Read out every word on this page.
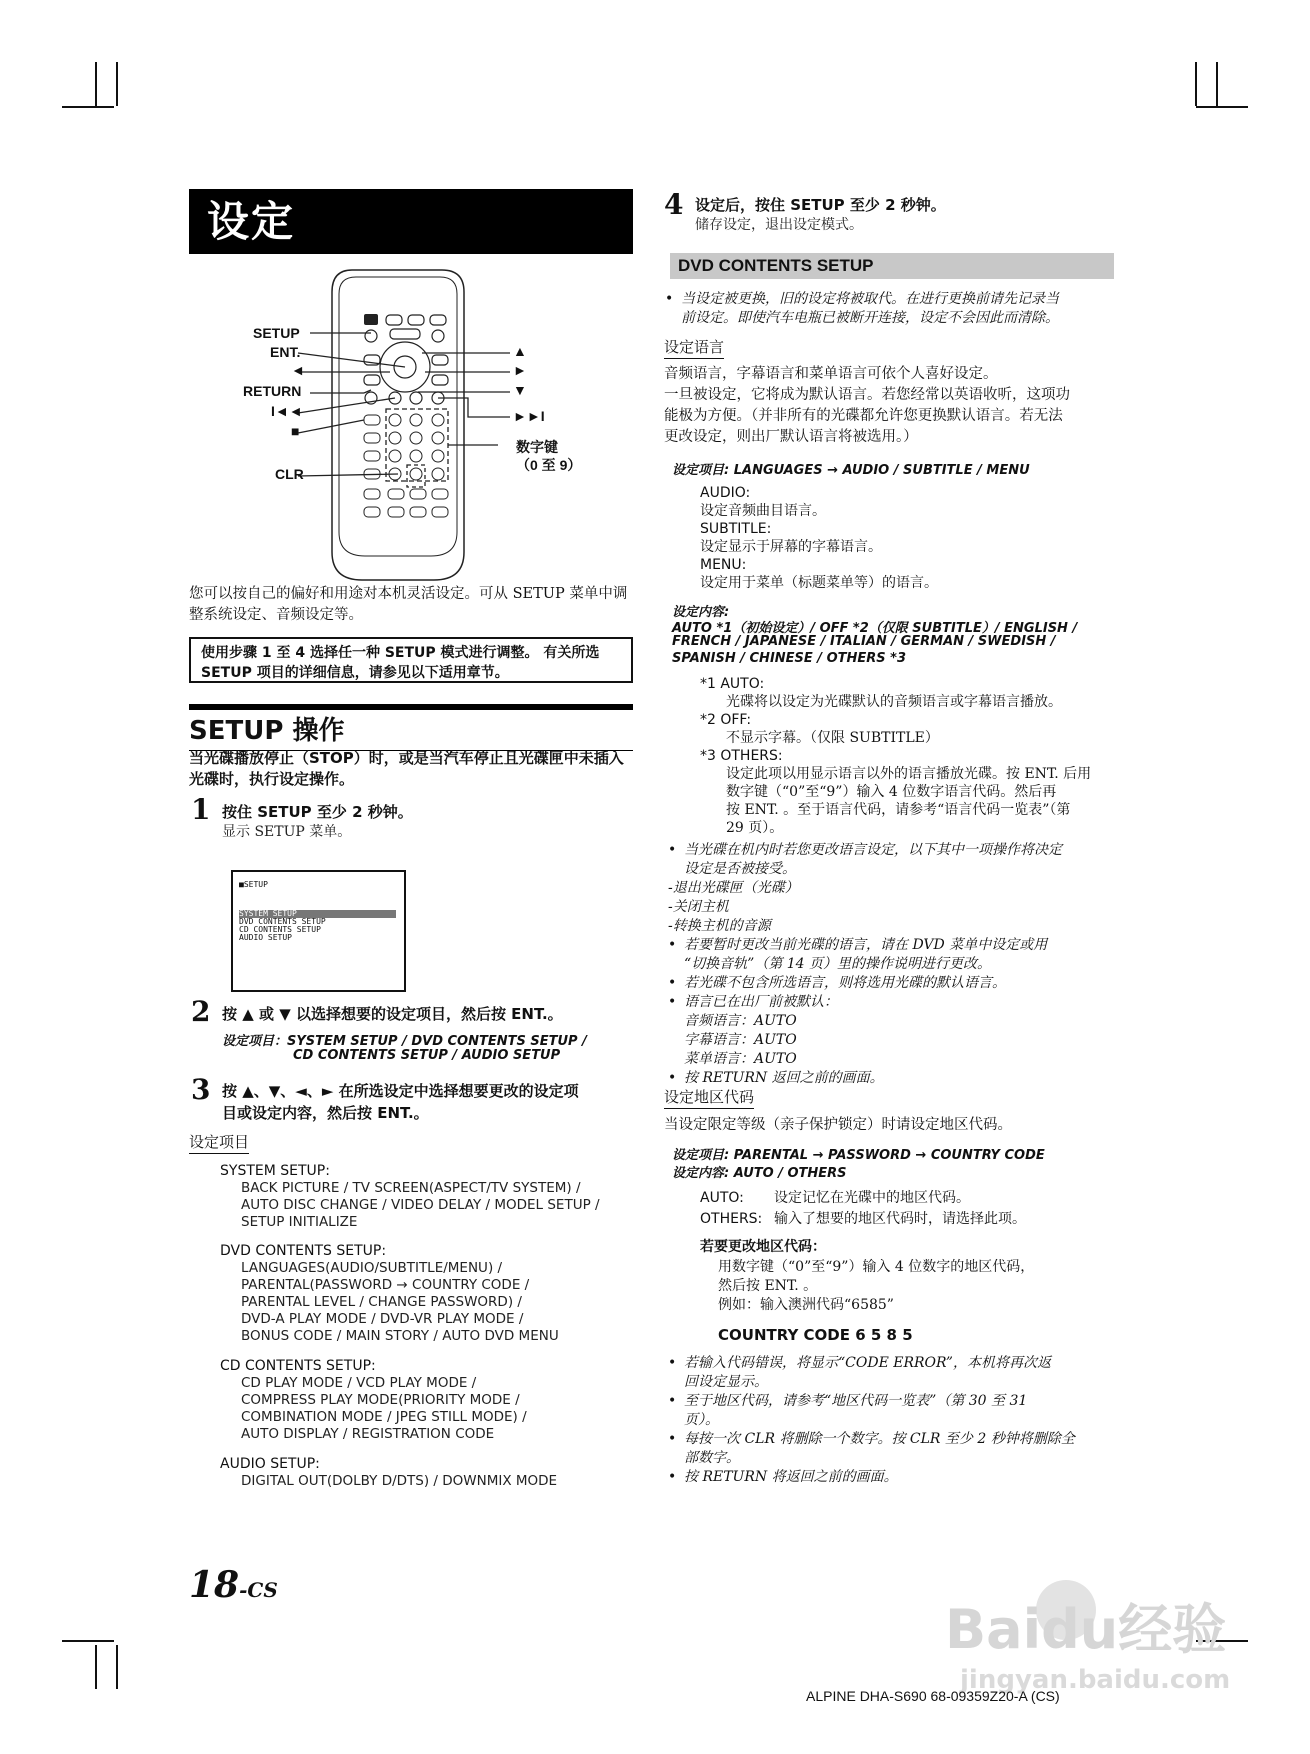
设定
SETUP
ENT.
◄
RETURN
I◄◄
■
CLR
▲
►
▼
►►I
数字键
（0 至 9）
您可以按自己的偏好和用途对本机灵活设定。可从 SETUP 菜单中调整系统设定、音频设定等。
使用步骤 1 至 4 选择任一种 SETUP 模式进行调整。 有关所选 SETUP 项目的详细信息，请参见以下适用章节。
SETUP 操作
当光碟播放停止（STOP）时，或是当汽车停止且光碟匣中未插入光碟时，执行设定操作。
1 按住 SETUP 至少 2 秒钟。
显示 SETUP 菜单。
■SETUP
SYSTEM SETUP
DVD CONTENTS SETUP
CD CONTENTS SETUP
AUDIO SETUP
2 按 ▲ 或 ▼ 以选择想要的设定项目，然后按 ENT.。
设定项目：SYSTEM SETUP / DVD CONTENTS SETUP /
CD CONTENTS SETUP / AUDIO SETUP
3 按 ▲、▼、◄、► 在所选设定中选择想要更改的设定项
目或设定内容，然后按 ENT.。
设定项目
SYSTEM SETUP:
BACK PICTURE / TV SCREEN(ASPECT/TV SYSTEM) /
AUTO DISC CHANGE / VIDEO DELAY / MODEL SETUP /
SETUP INITIALIZE
DVD CONTENTS SETUP:
LANGUAGES(AUDIO/SUBTITLE/MENU) /
PARENTAL(PASSWORD → COUNTRY CODE /
PARENTAL LEVEL / CHANGE PASSWORD) /
DVD-A PLAY MODE / DVD-VR PLAY MODE /
BONUS CODE / MAIN STORY / AUTO DVD MENU
CD CONTENTS SETUP:
CD PLAY MODE / VCD PLAY MODE /
COMPRESS PLAY MODE(PRIORITY MODE /
COMBINATION MODE / JPEG STILL MODE) /
AUTO DISPLAY / REGISTRATION CODE
AUDIO SETUP:
DIGITAL OUT(DOLBY D/DTS) / DOWNMIX MODE
18-CS
4 设定后，按住 SETUP 至少 2 秒钟。
储存设定，退出设定模式。
DVD CONTENTS SETUP
• 当设定被更换，旧的设定将被取代。在进行更换前请先记录当
前设定。即使汽车电瓶已被断开连接，设定不会因此而清除。
设定语言
音频语言，字幕语言和菜单语言可依个人喜好设定。
一旦被设定，它将成为默认语言。若您经常以英语收听，这项功
能极为方便。（并非所有的光碟都允许您更换默认语言。若无法
更改设定，则出厂默认语言将被选用。）
设定项目: LANGUAGES → AUDIO / SUBTITLE / MENU
AUDIO:
设定音频曲目语言。
SUBTITLE:
设定显示于屏幕的字幕语言。
MENU:
设定用于菜单（标题菜单等）的语言。
设定内容:
AUTO *1（初始设定）/ OFF *2（仅限 SUBTITLE）/ ENGLISH /
FRENCH / JAPANESE / ITALIAN / GERMAN / SWEDISH /
SPANISH / CHINESE / OTHERS *3
*1 AUTO:
光碟将以设定为光碟默认的音频语言或字幕语言播放。
*2 OFF:
不显示字幕。（仅限 SUBTITLE）
*3 OTHERS:
设定此项以用显示语言以外的语言播放光碟。按 ENT. 后用
数字键（“0”至“9”）输入 4 位数字语言代码。然后再
按 ENT. 。至于语言代码，请参考“语言代码一览表”（第
29 页）。
• 当光碟在机内时若您更改语言设定，以下其中一项操作将决定
设定是否被接受。
-退出光碟匣（光碟）
-关闭主机
-转换主机的音源
• 若要暂时更改当前光碟的语言，请在 DVD 菜单中设定或用
“切换音轨”（第 14 页）里的操作说明进行更改。
• 若光碟不包含所选语言，则将选用光碟的默认语言。
• 语言已在出厂前被默认：
音频语言：AUTO
字幕语言：AUTO
菜单语言：AUTO
• 按 RETURN 返回之前的画面。
设定地区代码
当设定限定等级（亲子保护锁定）时请设定地区代码。
设定项目: PARENTAL → PASSWORD → COUNTRY CODE
设定内容: AUTO / OTHERS
AUTO: 设定记忆在光碟中的地区代码。
OTHERS: 输入了想要的地区代码时，请选择此项。
若要更改地区代码：
用数字键（“0”至“9”）输入 4 位数字的地区代码，
然后按 ENT. 。
例如：输入澳洲代码“6585”
COUNTRY CODE 6 5 8 5
• 若输入代码错误，将显示“CODE ERROR”，本机将再次返
回设定显示。
• 至于地区代码，请参考“地区代码一览表”（第 30 至 31
页）。
• 每按一次 CLR 将删除一个数字。按 CLR 至少 2 秒钟将删除全
部数字。
• 按 RETURN 将返回之前的画面。
Baidu经验
jingyan.baidu.com
ALPINE DHA-S690 68-09359Z20-A (CS)
